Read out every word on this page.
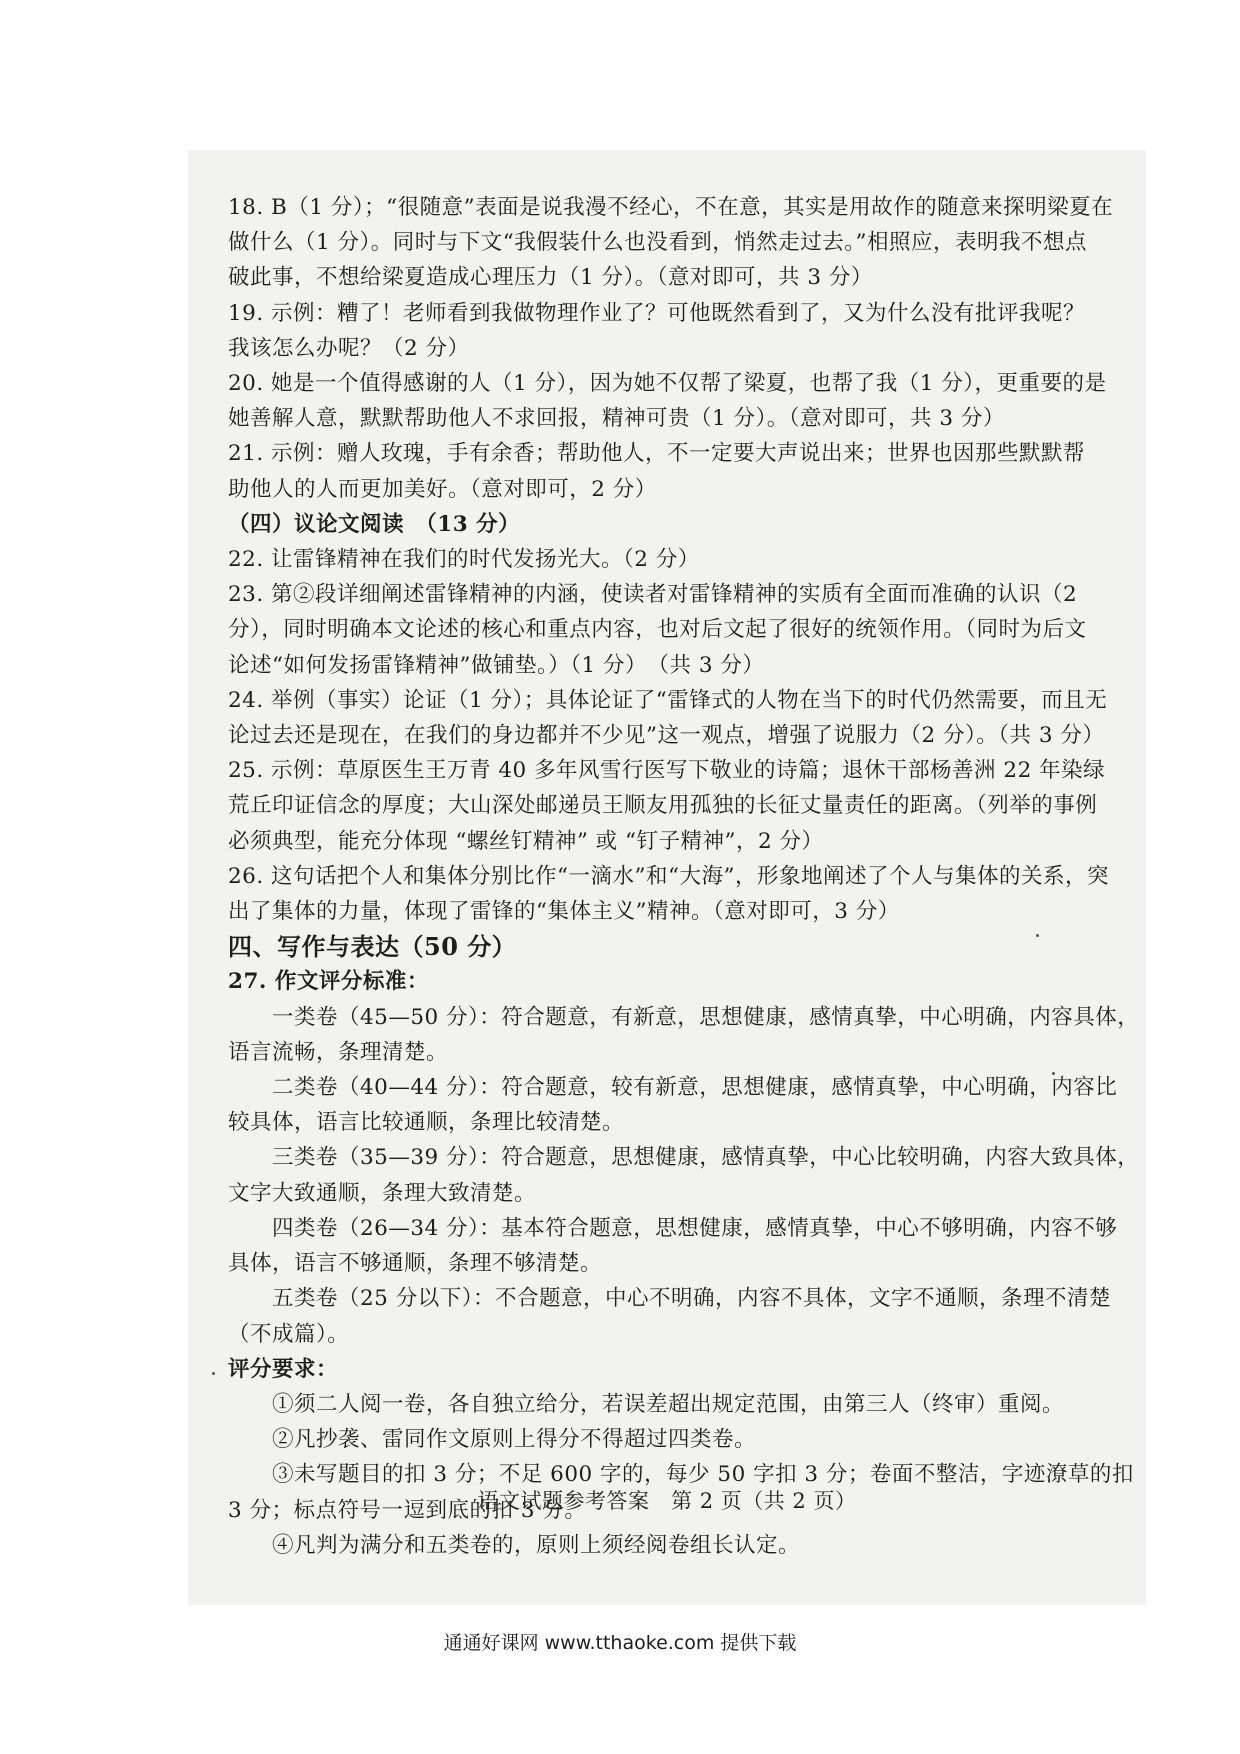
18. B（1 分）；“很随意”表面是说我漫不经心，不在意，其实是用故作的随意来探明梁夏在
做什么（1 分）。同时与下文“我假装什么也没看到，悄然走过去。”相照应，表明我不想点
破此事，不想给梁夏造成心理压力（1 分）。（意对即可，共 3 分）
19. 示例：糟了！老师看到我做物理作业了？可他既然看到了，又为什么没有批评我呢？
我该怎么办呢？（2 分）
20. 她是一个值得感谢的人（1 分），因为她不仅帮了梁夏，也帮了我（1 分），更重要的是
她善解人意，默默帮助他人不求回报，精神可贵（1 分）。（意对即可，共 3 分）
21. 示例：赠人玫瑰，手有余香；帮助他人，不一定要大声说出来；世界也因那些默默帮
助他人的人而更加美好。（意对即可，2 分）
（四）议论文阅读　（13 分）
22. 让雷锋精神在我们的时代发扬光大。（2 分）
23. 第②段详细阐述雷锋精神的内涵，使读者对雷锋精神的实质有全面而准确的认识（2
分），同时明确本文论述的核心和重点内容，也对后文起了很好的统领作用。（同时为后文
论述“如何发扬雷锋精神”做铺垫。）（1 分）　（共 3 分）
24. 举例（事实）论证（1 分）；具体论证了“雷锋式的人物在当下的时代仍然需要，而且无
论过去还是现在，在我们的身边都并不少见”这一观点，增强了说服力（2 分）。（共 3 分）
25. 示例：草原医生王万青 40 多年风雪行医写下敬业的诗篇；退休干部杨善洲 22 年染绿
荒丘印证信念的厚度；大山深处邮递员王顺友用孤独的长征丈量责任的距离。（列举的事例
必须典型，能充分体现 “螺丝钉精神” 或 “钉子精神”，2 分）
26. 这句话把个人和集体分别比作“一滴水”和“大海”，形象地阐述了个人与集体的关系，突
出了集体的力量，体现了雷锋的“集体主义”精神。（意对即可，3 分）
四、写作与表达（50 分）
27. 作文评分标准：
一类卷（45—50 分）：符合题意，有新意，思想健康，感情真挚，中心明确，内容具体，
语言流畅，条理清楚。
二类卷（40—44 分）：符合题意，较有新意，思想健康，感情真挚，中心明确，内容比
较具体，语言比较通顺，条理比较清楚。
三类卷（35—39 分）：符合题意，思想健康，感情真挚，中心比较明确，内容大致具体，
文字大致通顺，条理大致清楚。
四类卷（26—34 分）：基本符合题意，思想健康，感情真挚，中心不够明确，内容不够
具体，语言不够通顺，条理不够清楚。
五类卷（25 分以下）：不合题意，中心不明确，内容不具体，文字不通顺，条理不清楚
（不成篇）。
评分要求：
①须二人阅一卷，各自独立给分，若误差超出规定范围，由第三人（终审）重阅。
②凡抄袭、雷同作文原则上得分不得超过四类卷。
③未写题目的扣 3 分；不足 600 字的，每少 50 字扣 3 分；卷面不整洁，字迹潦草的扣
3 分；标点符号一逗到底的扣 3 分。
④凡判为满分和五类卷的，原则上须经阅卷组长认定。
语文试题参考答案　第 2 页（共 2 页）
通通好课网 www.tthaoke.com 提供下载
